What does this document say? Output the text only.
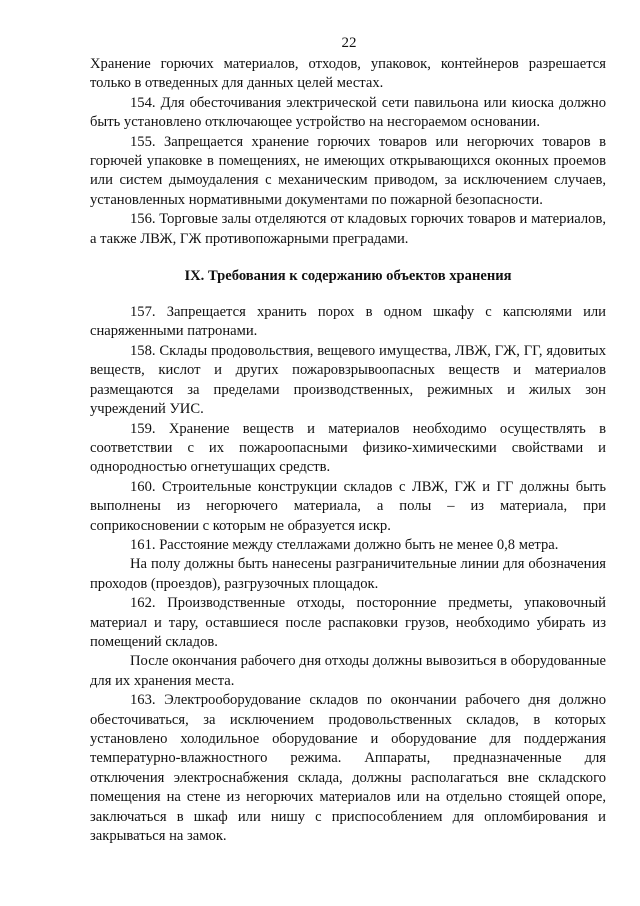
22

Хранение горючих материалов, отходов, упаковок, контейнеров разрешается только в отведенных для данных целей местах.

154. Для обесточивания электрической сети павильона или киоска должно быть установлено отключающее устройство на несгораемом основании.

155. Запрещается хранение горючих товаров или негорючих товаров в горючей упаковке в помещениях, не имеющих открывающихся оконных проемов или систем дымоудаления с механическим приводом, за исключением случаев, установленных нормативными документами по пожарной безопасности.

156. Торговые залы отделяются от кладовых горючих товаров и материалов, а также ЛВЖ, ГЖ противопожарными преградами.

IX. Требования к содержанию объектов хранения

157. Запрещается хранить порох в одном шкафу с капсюлями или снаряженными патронами.

158. Склады продовольствия, вещевого имущества, ЛВЖ, ГЖ, ГГ, ядовитых веществ, кислот и других пожаровзрывоопасных веществ и материалов размещаются за пределами производственных, режимных и жилых зон учреждений УИС.

159. Хранение веществ и материалов необходимо осуществлять в соответствии с их пожароопасными физико-химическими свойствами и однородностью огнетушащих средств.

160. Строительные конструкции складов с ЛВЖ, ГЖ и ГГ должны быть выполнены из негорючего материала, а полы – из материала, при соприкосновении с которым не образуется искр.

161. Расстояние между стеллажами должно быть не менее 0,8 метра.

На полу должны быть нанесены разграничительные линии для обозначения проходов (проездов), разгрузочных площадок.

162. Производственные отходы, посторонние предметы, упаковочный материал и тару, оставшиеся после распаковки грузов, необходимо убирать из помещений складов.

После окончания рабочего дня отходы должны вывозиться в оборудованные для их хранения места.

163. Электрооборудование складов по окончании рабочего дня должно обесточиваться, за исключением продовольственных складов, в которых установлено холодильное оборудование и оборудование для поддержания температурно-влажностного режима. Аппараты, предназначенные для отключения электроснабжения склада, должны располагаться вне складского помещения на стене из негорючих материалов или на отдельно стоящей опоре, заключаться в шкаф или нишу с приспособлением для опломбирования и закрываться на замок.
